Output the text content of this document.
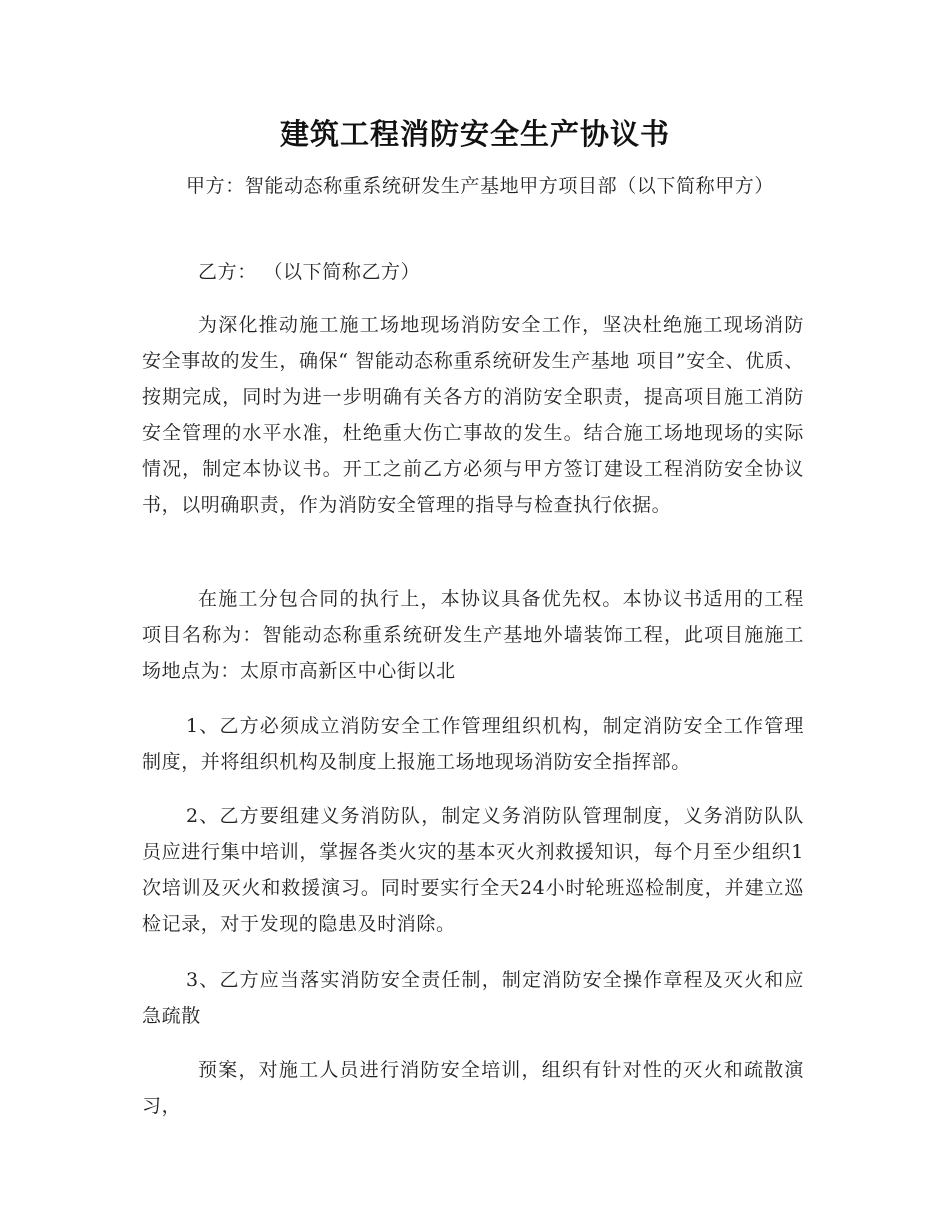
建筑工程消防安全生产协议书

甲方：智能动态称重系统研发生产基地甲方项目部（以下简称甲方）

乙方： （以下简称乙方）

为深化推动施工施工场地现场消防安全工作，坚决杜绝施工现场消防安全事故的发生，确保“ 智能动态称重系统研发生产基地 项目”安全、优质、按期完成，同时为进一步明确有关各方的消防安全职责，提高项目施工消防安全管理的水平水准，杜绝重大伤亡事故的发生。结合施工场地现场的实际情况，制定本协议书。开工之前乙方必须与甲方签订建设工程消防安全协议书，以明确职责，作为消防安全管理的指导与检查执行依据。

在施工分包合同的执行上，本协议具备优先权。本协议书适用的工程项目名称为：智能动态称重系统研发生产基地外墙装饰工程，此项目施施工场地点为：太原市高新区中心街以北

1、乙方必须成立消防安全工作管理组织机构，制定消防安全工作管理制度，并将组织机构及制度上报施工场地现场消防安全指挥部。

2、乙方要组建义务消防队，制定义务消防队管理制度，义务消防队队员应进行集中培训，掌握各类火灾的基本灭火剂救援知识，每个月至少组织1次培训及灭火和救援演习。同时要实行全天24小时轮班巡检制度，并建立巡检记录，对于发现的隐患及时消除。

3、乙方应当落实消防安全责任制，制定消防安全操作章程及灭火和应急疏散

预案，对施工人员进行消防安全培训，组织有针对性的灭火和疏散演习，
